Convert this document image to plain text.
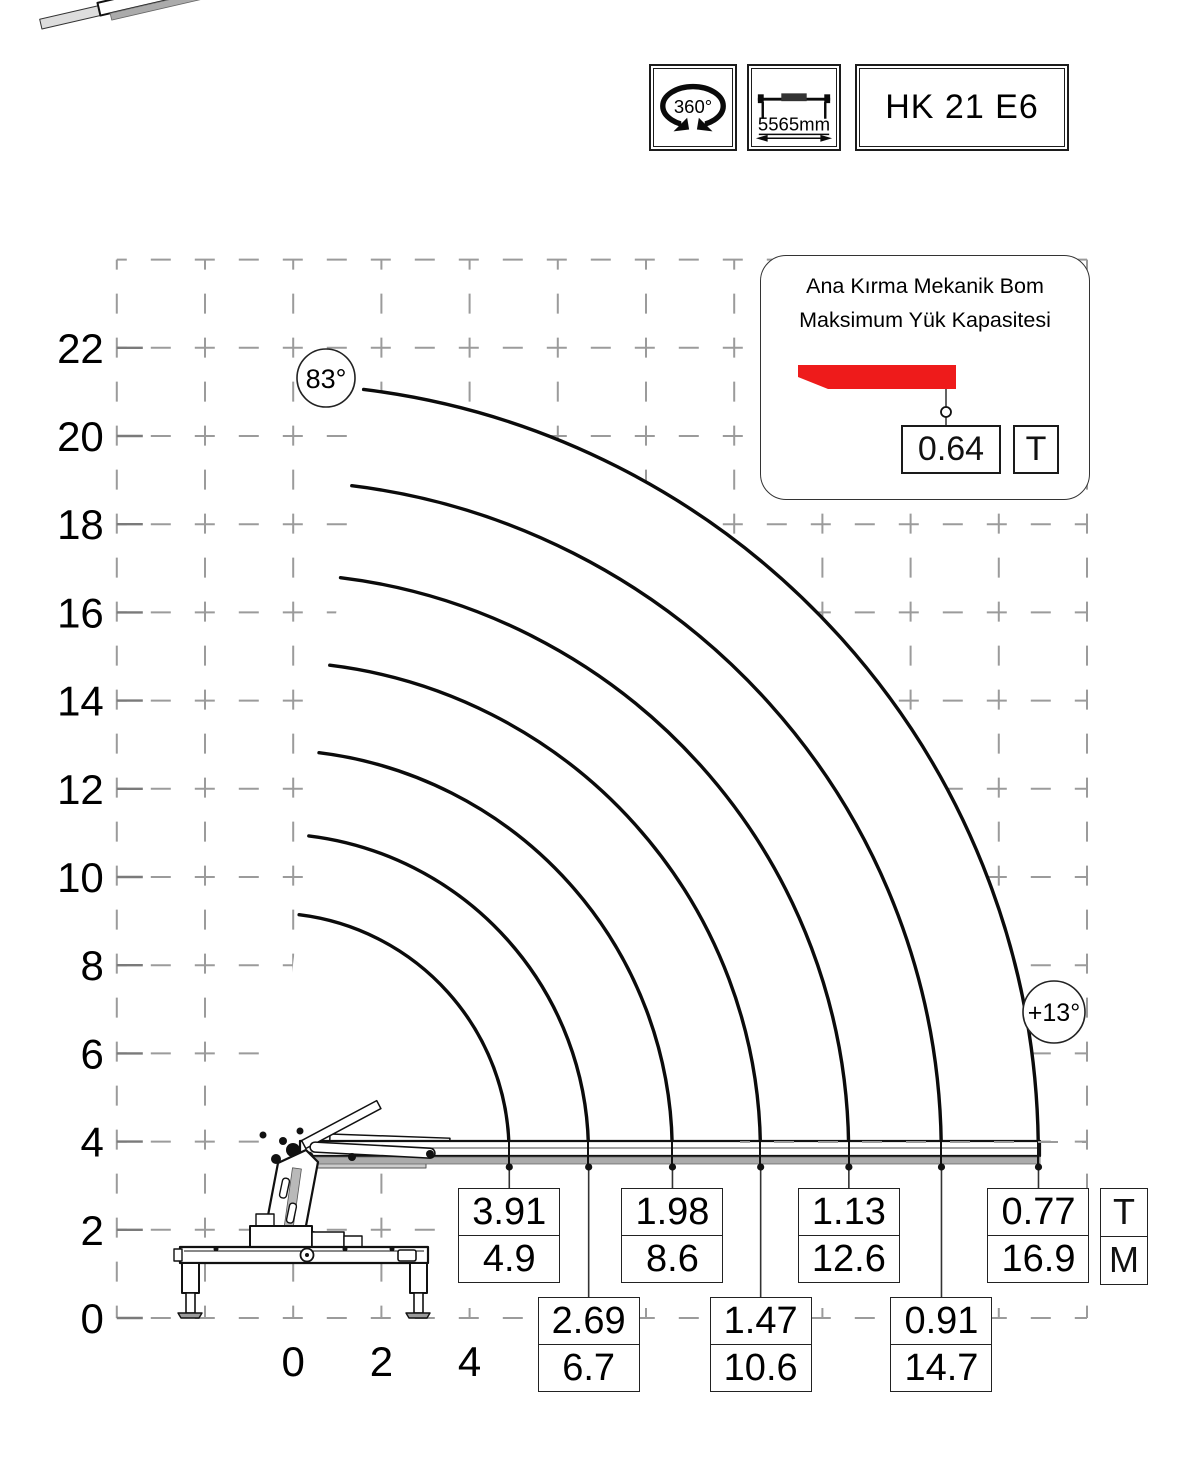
0
2
4
6
8
10
12
14
16
18
20
22
0 2 4
83°
+13°
360°
5565mm HK 21 E6
Ana Kırma Mekanik Bom
Maksimum Yük Kapasitesi
0.64	T
3.91
4.9
2.69
6.7
1.98
8.6
1.47
10.6
1.13
12.6
0.91
14.7
0.77
16.9
T
M
